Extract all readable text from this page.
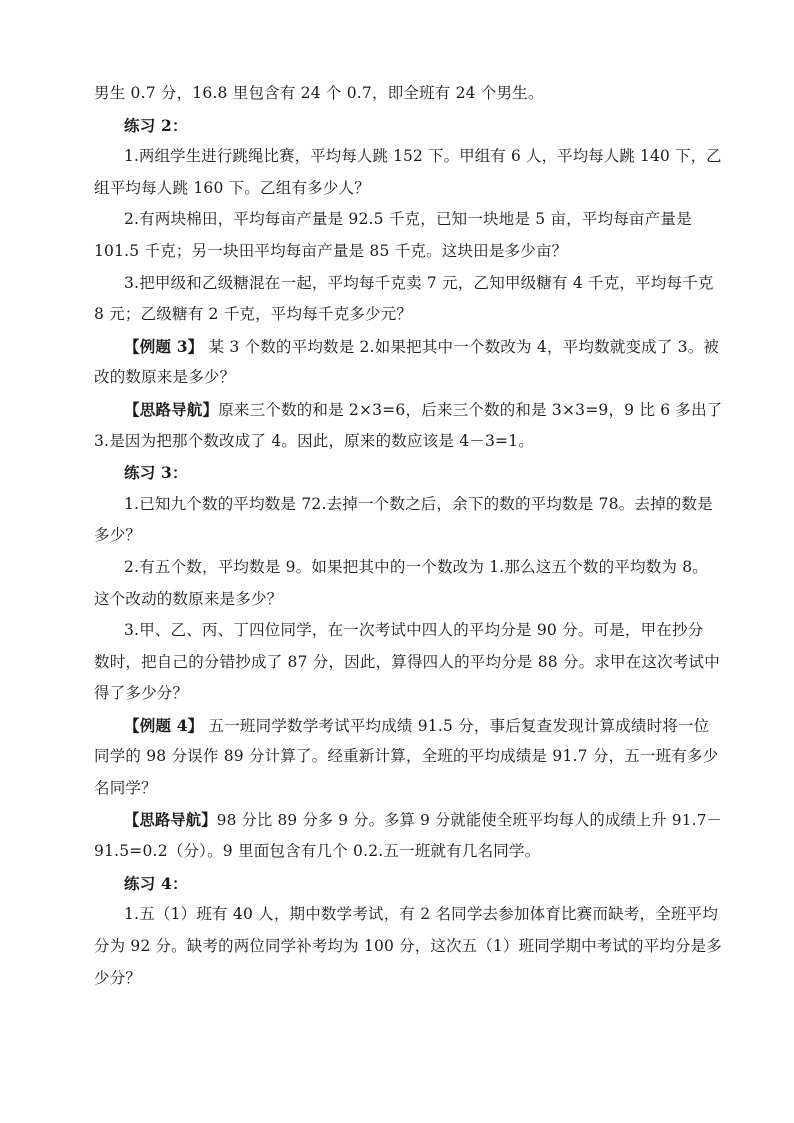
男生 0.7 分，16.8 里包含有 24 个 0.7，即全班有 24 个男生。
练习 2：
1.两组学生进行跳绳比赛，平均每人跳 152 下。甲组有 6 人，平均每人跳 140 下，乙
组平均每人跳 160 下。乙组有多少人？
2.有两块棉田，平均每亩产量是 92.5 千克，已知一块地是 5 亩，平均每亩产量是
101.5 千克；另一块田平均每亩产量是 85 千克。这块田是多少亩？
3.把甲级和乙级糖混在一起，平均每千克卖 7 元，乙知甲级糖有 4 千克，平均每千克
8 元；乙级糖有 2 千克，平均每千克多少元？
【例题 3】 某 3 个数的平均数是 2.如果把其中一个数改为 4，平均数就变成了 3。被
改的数原来是多少？
【思路导航】原来三个数的和是 2×3=6，后来三个数的和是 3×3=9，9 比 6 多出了
3.是因为把那个数改成了 4。因此，原来的数应该是 4－3=1。
练习 3：
1.已知九个数的平均数是 72.去掉一个数之后，余下的数的平均数是 78。去掉的数是
多少？
2.有五个数，平均数是 9。如果把其中的一个数改为 1.那么这五个数的平均数为 8。
这个改动的数原来是多少？
3.甲、乙、丙、丁四位同学，在一次考试中四人的平均分是 90 分。可是，甲在抄分
数时，把自己的分错抄成了 87 分，因此，算得四人的平均分是 88 分。求甲在这次考试中
得了多少分？
【例题 4】 五一班同学数学考试平均成绩 91.5 分，事后复查发现计算成绩时将一位
同学的 98 分误作 89 分计算了。经重新计算，全班的平均成绩是 91.7 分，五一班有多少
名同学？
【思路导航】98 分比 89 分多 9 分。多算 9 分就能使全班平均每人的成绩上升 91.7－
91.5=0.2（分）。9 里面包含有几个 0.2.五一班就有几名同学。
练习 4：
1.五（1）班有 40 人，期中数学考试，有 2 名同学去参加体育比赛而缺考，全班平均
分为 92 分。缺考的两位同学补考均为 100 分，这次五（1）班同学期中考试的平均分是多
少分？
